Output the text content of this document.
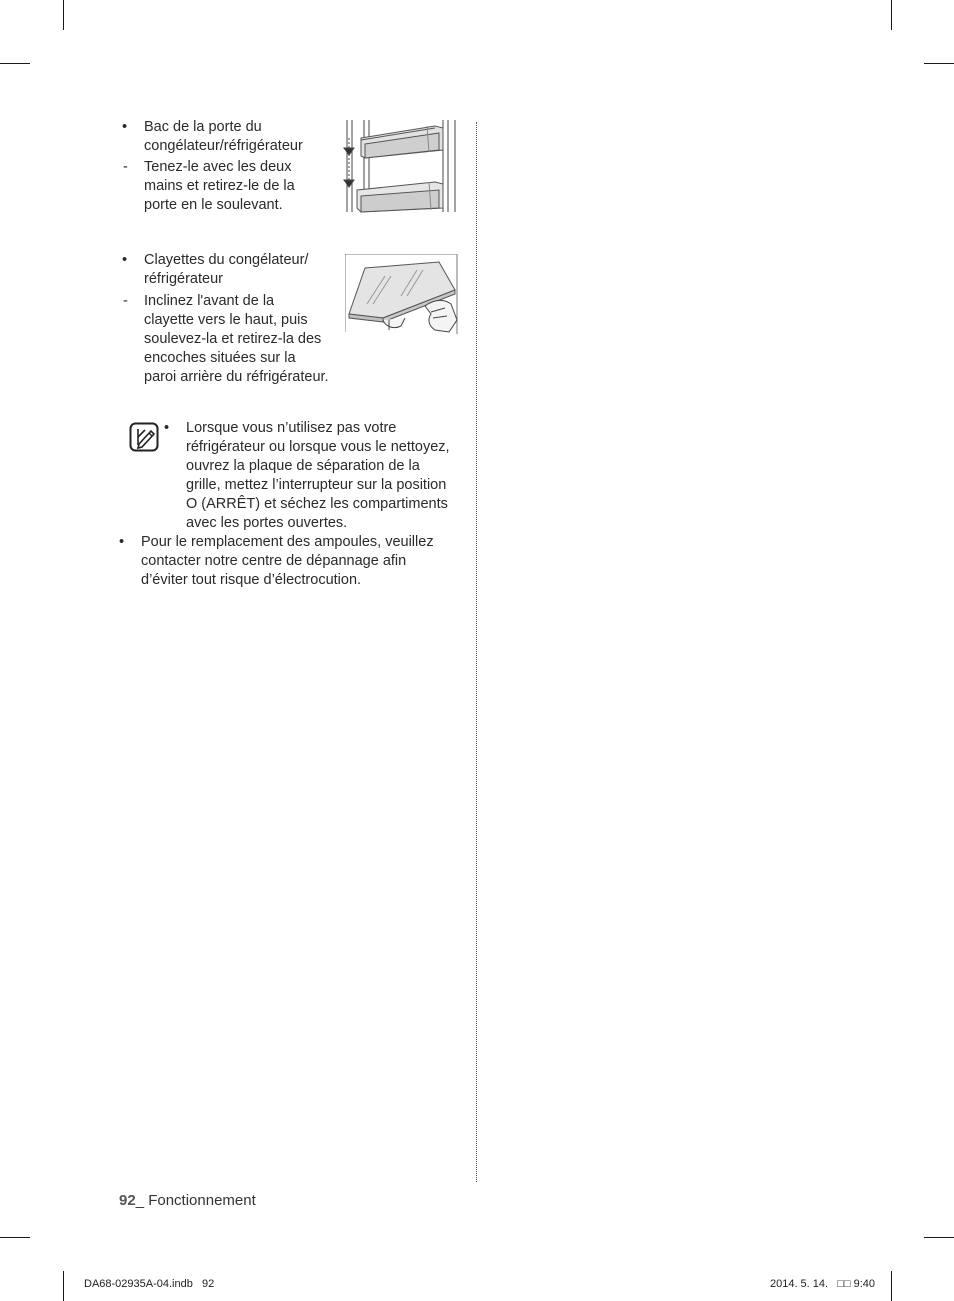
• Bac de la porte du
congélateur/réfrigérateur
- Tenez-le avec les deux
mains et retirez-le de la
porte en le soulevant.
• Clayettes du congélateur/
réfrigérateur
- Inclinez l'avant de la
clayette vers le haut, puis
soulevez-la et retirez-la des
encoches situées sur la
paroi arrière du réfrigérateur.
• Lorsque vous n’utilisez pas votre
réfrigérateur ou lorsque vous le nettoyez,
ouvrez la plaque de séparation de la
grille, mettez l’interrupteur sur la position
O (ARRÊT) et séchez les compartiments
avec les portes ouvertes.
• Pour le remplacement des ampoules, veuillez
contacter notre centre de dépannage afin
d’éviter tout risque d’électrocution.
92_ Fonctionnement
DA68-02935A-04.indb   92	2014. 5. 14.   □□ 9:40
